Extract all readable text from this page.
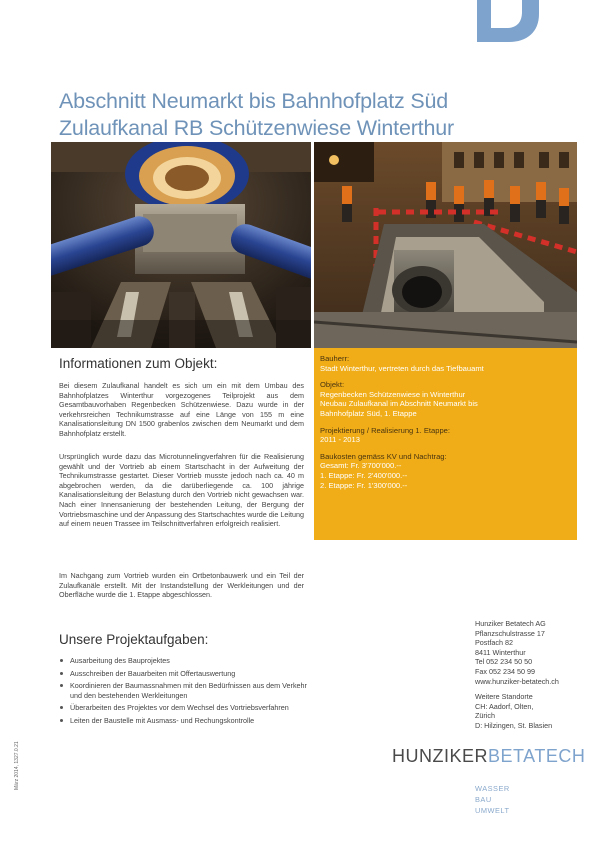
Abschnitt Neumarkt bis Bahnhofplatz Süd
Zulaufkanal RB Schützenwiese Winterthur
Bauherr:
Stadt Winterthur, vertreten durch das Tiefbauamt
Objekt:
Regenbecken Schützenwiese in Winterthur
Neubau Zulaufkanal im Abschnitt Neumarkt bis
Bahnhofplatz Süd, 1. Etappe
Projektierung / Realisierung 1. Etappe:
2011 - 2013
Baukosten gemäss KV und Nachtrag:
Gesamt: Fr. 3'700'000.--
1. Etappe: Fr. 2'400'000.--
2. Etappe: Fr. 1'300'000.--
Informationen zum Objekt:

Bei diesem Zulaufkanal handelt es sich um ein mit dem Umbau des Bahnhofplatzes Winterthur vorgezogenes Teilprojekt aus dem Gesamtbauvorhaben Regenbecken Schützenwiese. Dazu wurde in der verkehrsreichen Technikumstrasse auf eine Länge von 155 m eine Kanalisationsleitung DN 1500 grabenlos zwischen dem Neumarkt und dem Bahnhofplatz erstellt.

Ursprünglich wurde dazu das Microtunnelingverfahren für die Realisierung gewählt und der Vortrieb ab einem Startschacht in der Aufweitung der Technikumstrasse gestartet. Dieser Vortrieb musste jedoch nach ca. 40 m abgebrochen werden, da die darüberliegende ca. 100 jährige Kanalisationsleitung der Belastung durch den Vortrieb nicht gewachsen war. Nach einer Innensanierung der bestehenden Leitung, der Bergung der Vortriebsmaschine und der Anpassung des Startschachtes wurde die Leitung auf einem neuen Trassee im Teilschnittverfahren erfolgreich realisiert.

Im Nachgang zum Vortrieb wurden ein Ortbetonbauwerk und ein Teil der Zulaufkanäle erstellt. Mit der Instandstellung der Werkleitungen und der Oberfläche wurde die 1. Etappe abgeschlossen.

Unsere Projektaufgaben:
Ausarbeitung des Bauprojektes
Ausschreiben der Bauarbeiten mit Offertauswertung
Koordinieren der Baumassnahmen mit den Bedürfnissen aus dem Verkehr und den bestehenden Werkleitungen
Überarbeiten des Projektes vor dem Wechsel des Vortriebsverfahren
Leiten der Baustelle mit Ausmass- und Rechungskontrolle
Hunziker Betatech AG
Pflanzschulstrasse 17
Postfach 82
8411 Winterthur
Tel 052 234 50 50
Fax 052 234 50 99
www.hunziker-betatech.ch
Weitere Standorte
CH: Aadorf, Olten,
Zürich
D: Hilzingen, St. Blasien
HUNZIKERBETATECH
WASSER
BAU
UMWELT
März 2014, 1327.0.21
